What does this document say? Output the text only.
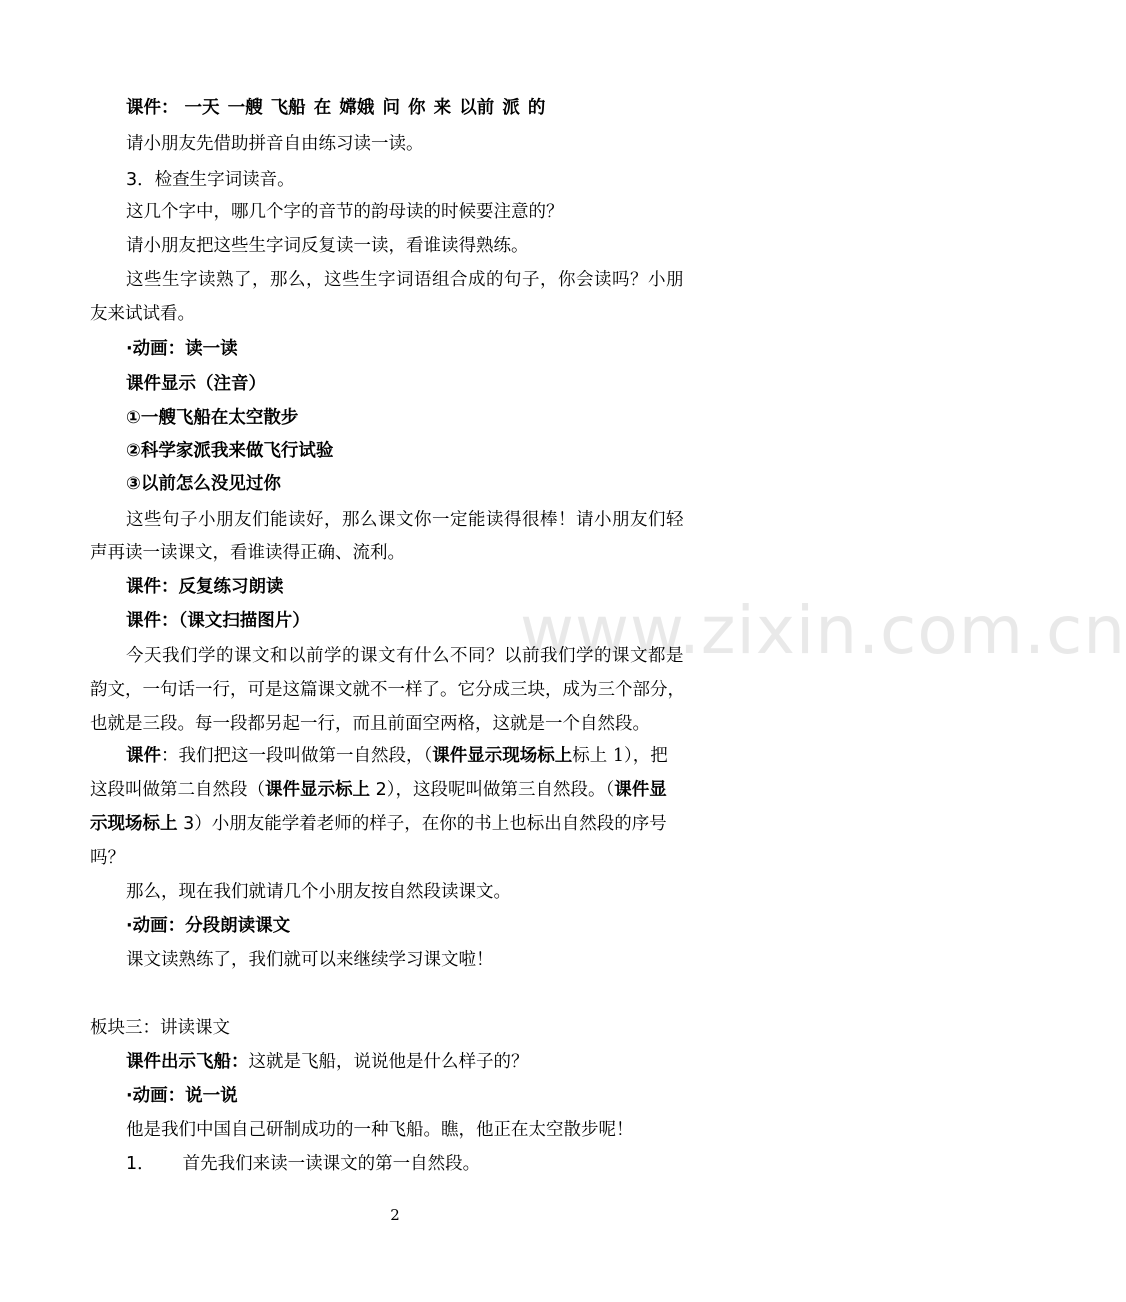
www.zixin.com.cn
课件： 一天 一艘 飞船 在 嫦娥 问 你 来 以前 派 的
请小朋友先借助拼音自由练习读一读。
3．检查生字词读音。
这几个字中，哪几个字的音节的韵母读的时候要注意的？
请小朋友把这些生字词反复读一读，看谁读得熟练。
这些生字读熟了，那么，这些生字词语组合成的句子，你会读吗？小朋
友来试试看。
·动画：读一读
课件显示（注音）
①一艘飞船在太空散步
②科学家派我来做飞行试验
③以前怎么没见过你
这些句子小朋友们能读好，那么课文你一定能读得很棒！请小朋友们轻
声再读一读课文，看谁读得正确、流利。
课件：反复练习朗读
课件：（课文扫描图片）
今天我们学的课文和以前学的课文有什么不同？以前我们学的课文都是
韵文，一句话一行，可是这篇课文就不一样了。它分成三块，成为三个部分，
也就是三段。每一段都另起一行，而且前面空两格，这就是一个自然段。
课件：我们把这一段叫做第一自然段，（课件显示现场标上标上 1），把
这段叫做第二自然段（课件显示标上 2），这段呢叫做第三自然段。（课件显
示现场标上 3）小朋友能学着老师的样子，在你的书上也标出自然段的序号
吗？
那么，现在我们就请几个小朋友按自然段读课文。
·动画：分段朗读课文
课文读熟练了，我们就可以来继续学习课文啦！
板块三：讲读课文
课件出示飞船：这就是飞船，说说他是什么样子的？
·动画：说一说
他是我们中国自己研制成功的一种飞船。瞧，他正在太空散步呢！
1． 首先我们来读一读课文的第一自然段。
2
